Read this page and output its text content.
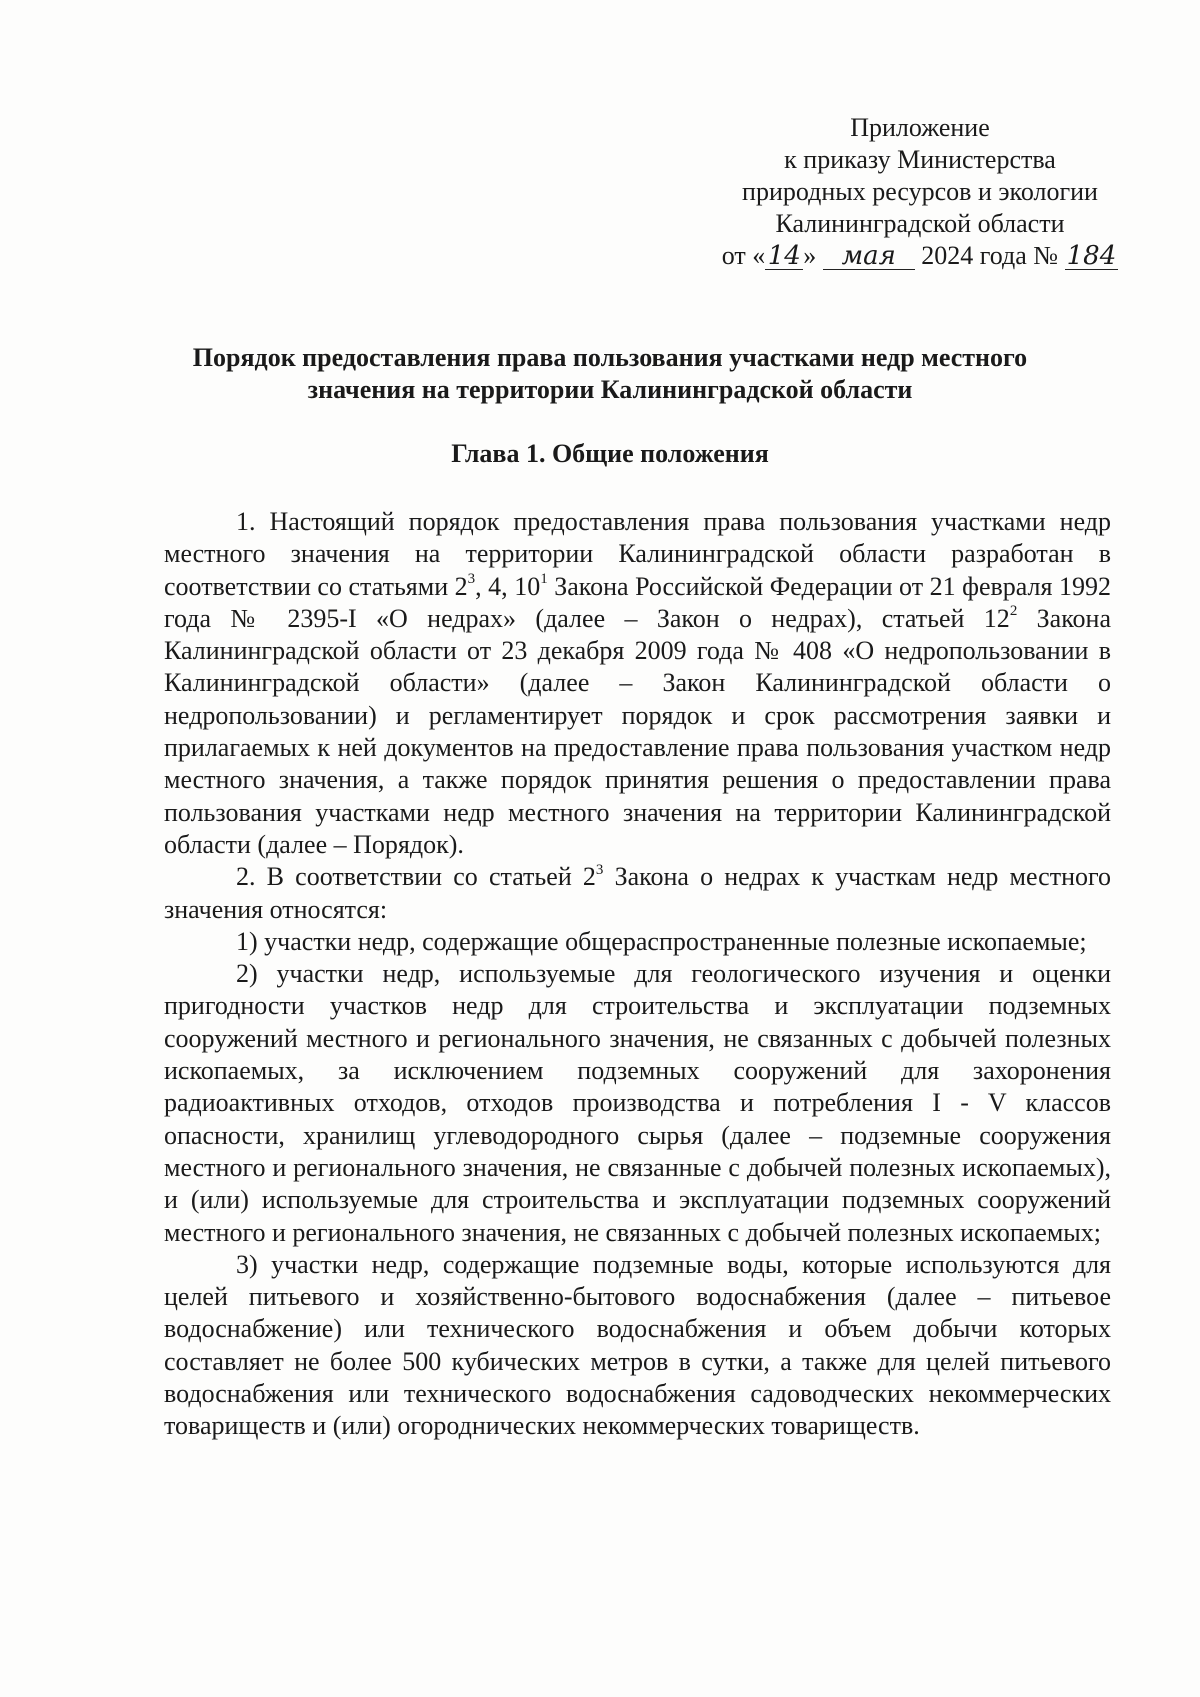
Приложение
к приказу Министерства
природных ресурсов и экологии
Калининградской области
от «14» мая 2024 года № 184
Порядок предоставления права пользования участками недр местного
значения на территории Калининградской области
Глава 1. Общие положения

1. Настоящий порядок предоставления права пользования участками недр местного значения на территории Калининградской области разработан в соответствии со статьями $2^3$, 4, $10^1$ Закона Российской Федерации от 21 февраля 1992 года № 2395-I «О недрах» (далее – Закон о недрах), статьей $12^2$ Закона Калининградской области от 23 декабря 2009 года № 408 «О недропользовании в Калининградской области» (далее – Закон Калининградской области о недропользовании) и регламентирует порядок и срок рассмотрения заявки и прилагаемых к ней документов на предоставление права пользования участком недр местного значения, а также порядок принятия решения о предоставлении права пользования участками недр местного значения на территории Калининградской области (далее – Порядок).

2. В соответствии со статьей $2^3$ Закона о недрах к участкам недр местного значения относятся:

1) участки недр, содержащие общераспространенные полезные ископаемые;

2) участки недр, используемые для геологического изучения и оценки пригодности участков недр для строительства и эксплуатации подземных сооружений местного и регионального значения, не связанных с добычей полезных ископаемых, за исключением подземных сооружений для захоронения радиоактивных отходов, отходов производства и потребления I - V классов опасности, хранилищ углеводородного сырья (далее – подземные сооружения местного и регионального значения, не связанные с добычей полезных ископаемых), и (или) используемые для строительства и эксплуатации подземных сооружений местного и регионального значения, не связанных с добычей полезных ископаемых;

3) участки недр, содержащие подземные воды, которые используются для целей питьевого и хозяйственно-бытового водоснабжения (далее – питьевое водоснабжение) или технического водоснабжения и объем добычи которых составляет не более 500 кубических метров в сутки, а также для целей питьевого водоснабжения или технического водоснабжения садоводческих некоммерческих товариществ и (или) огороднических некоммерческих товариществ.
